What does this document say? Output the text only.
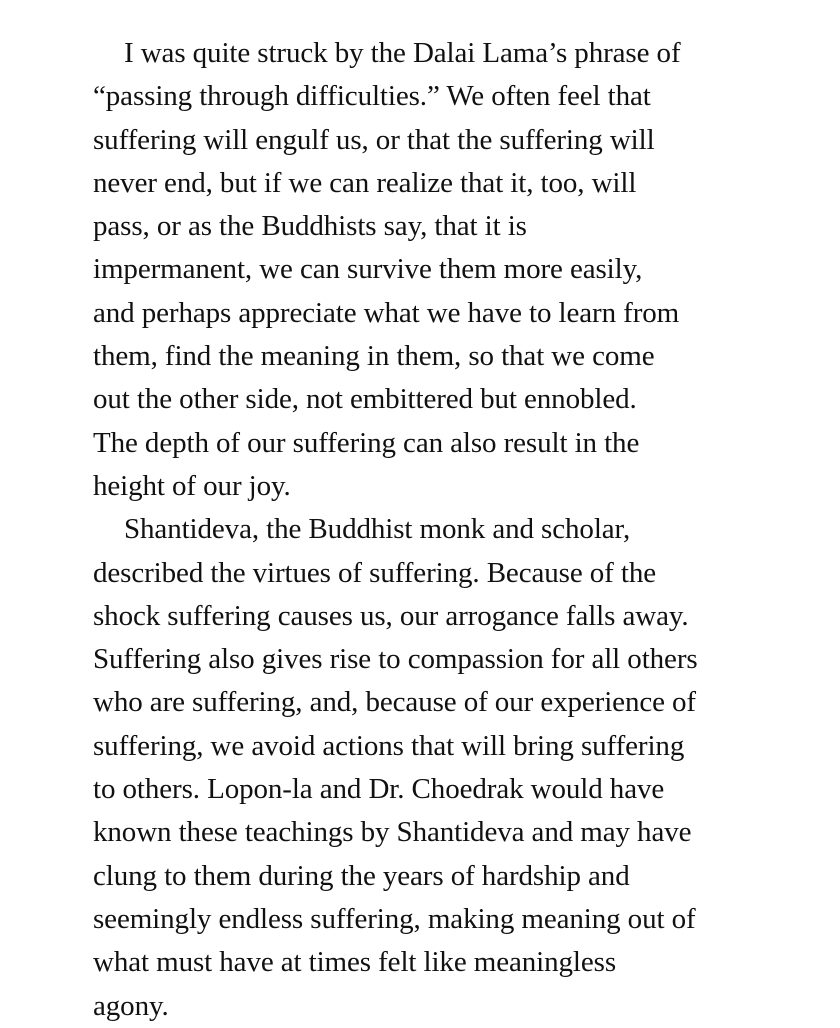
I was quite struck by the Dalai Lama’s phrase of
“passing through difficulties.” We often feel that
suffering will engulf us, or that the suffering will
never end, but if we can realize that it, too, will
pass, or as the Buddhists say, that it is
impermanent, we can survive them more easily,
and perhaps appreciate what we have to learn from
them, find the meaning in them, so that we come
out the other side, not embittered but ennobled.
The depth of our suffering can also result in the
height of our joy.

Shantideva, the Buddhist monk and scholar,
described the virtues of suffering. Because of the
shock suffering causes us, our arrogance falls away.
Suffering also gives rise to compassion for all others
who are suffering, and, because of our experience of
suffering, we avoid actions that will bring suffering
to others. Lopon-la and Dr. Choedrak would have
known these teachings by Shantideva and may have
clung to them during the years of hardship and
seemingly endless suffering, making meaning out of
what must have at times felt like meaningless
agony.
